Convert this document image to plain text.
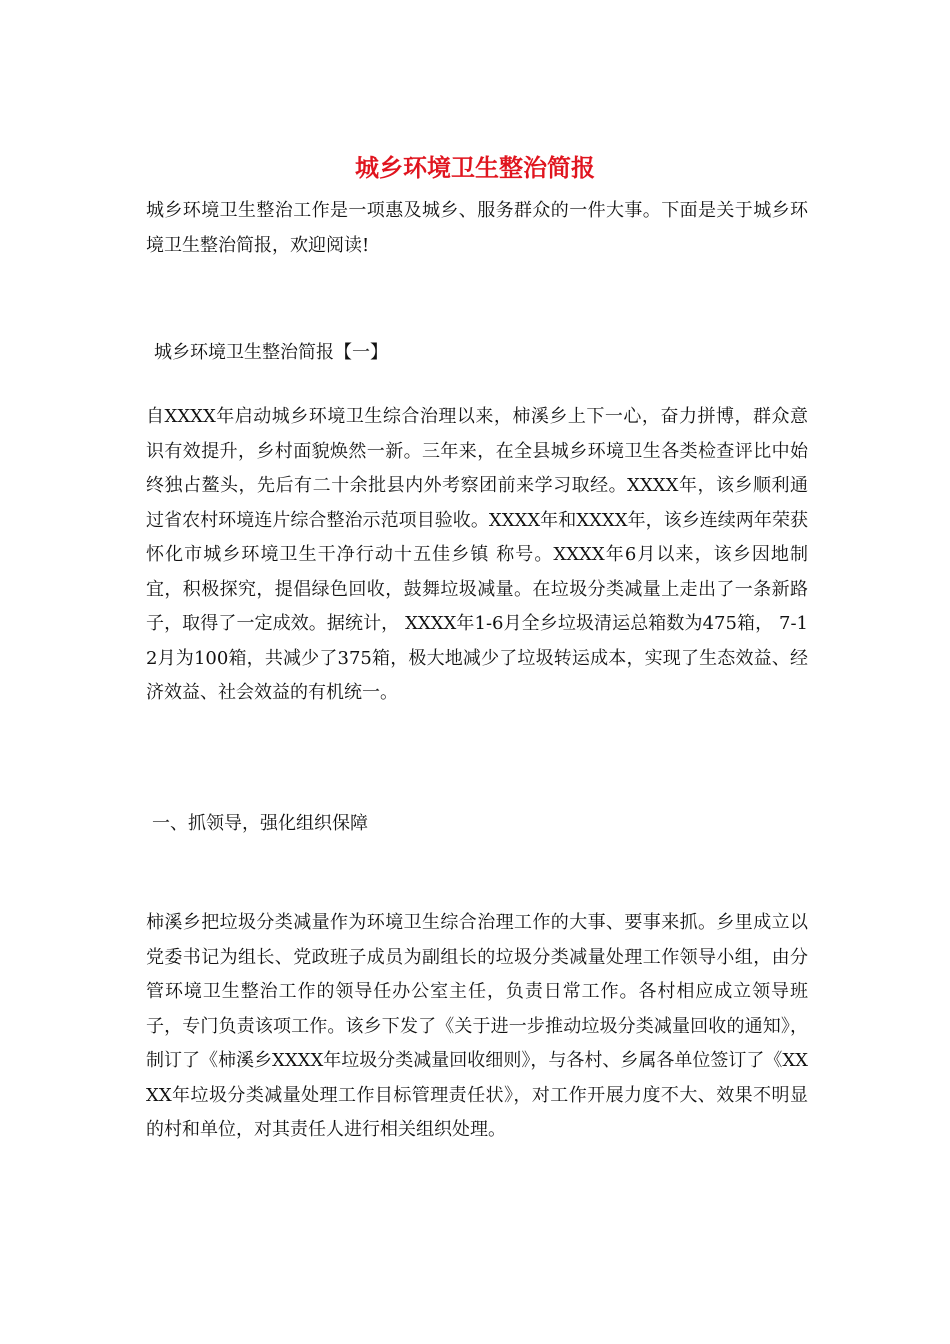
城乡环境卫生整治简报

城乡环境卫生整治工作是一项惠及城乡、服务群众的一件大事。下面是关于城乡环境卫生整治简报，欢迎阅读!

城乡环境卫生整治简报【一】

自XXXX年启动城乡环境卫生综合治理以来，柿溪乡上下一心，奋力拼博，群众意识有效提升，乡村面貌焕然一新。三年来，在全县城乡环境卫生各类检查评比中始终独占鳌头，先后有二十余批县内外考察团前来学习取经。XXXX年，该乡顺利通过省农村环境连片综合整治示范项目验收。XXXX年和XXXX年，该乡连续两年荣获 怀化市城乡环境卫生干净行动十五佳乡镇 称号。XXXX年6月以来，该乡因地制宜，积极探究，提倡绿色回收，鼓舞垃圾减量。在垃圾分类减量上走出了一条新路子，取得了一定成效。据统计， XXXX年1-6月全乡垃圾清运总箱数为475箱， 7-12月为100箱，共减少了375箱，极大地减少了垃圾转运成本，实现了生态效益、经济效益、社会效益的有机统一。

一、抓领导，强化组织保障

柿溪乡把垃圾分类减量作为环境卫生综合治理工作的大事、要事来抓。乡里成立以党委书记为组长、党政班子成员为副组长的垃圾分类减量处理工作领导小组，由分管环境卫生整治工作的领导任办公室主任，负责日常工作。各村相应成立领导班子，专门负责该项工作。该乡下发了《关于进一步推动垃圾分类减量回收的通知》，制订了《柿溪乡XXXX年垃圾分类减量回收细则》，与各村、乡属各单位签订了《XXXX年垃圾分类减量处理工作目标管理责任状》，对工作开展力度不大、效果不明显的村和单位，对其责任人进行相关组织处理。
